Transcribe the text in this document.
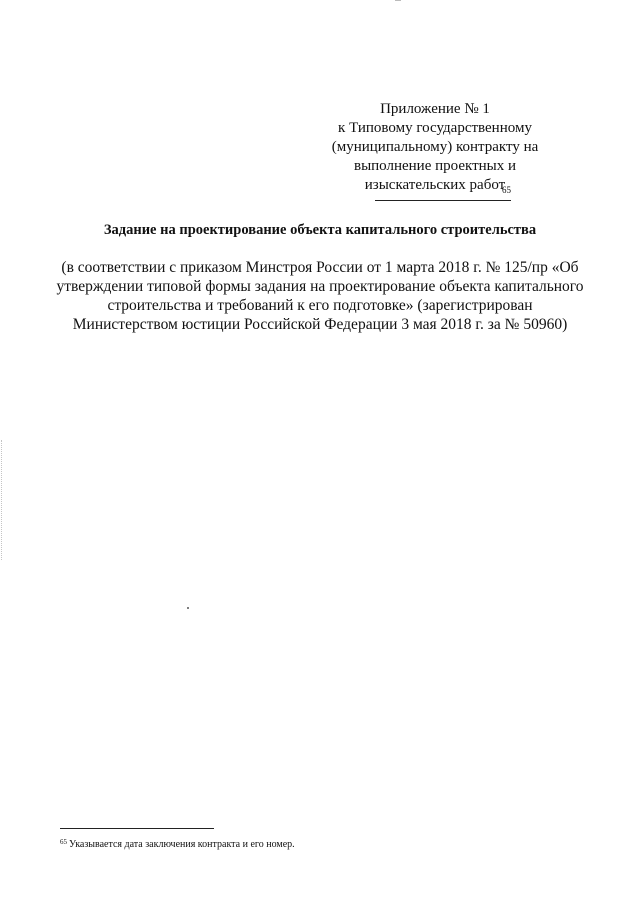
Приложение № 1
к Типовому государственному
(муниципальному) контракту на
выполнение проектных и
изыскательских работ
65
Задание на проектирование объекта капитального строительства
(в соответствии с приказом Минстроя России от 1 марта 2018 г. № 125/пр «Об
утверждении типовой формы задания на проектирование объекта капитального
строительства и требований к его подготовке» (зарегистрирован
Министерством юстиции Российской Федерации 3 мая 2018 г. за № 50960)
$^{65}$ Указывается дата заключения контракта и его номер.
